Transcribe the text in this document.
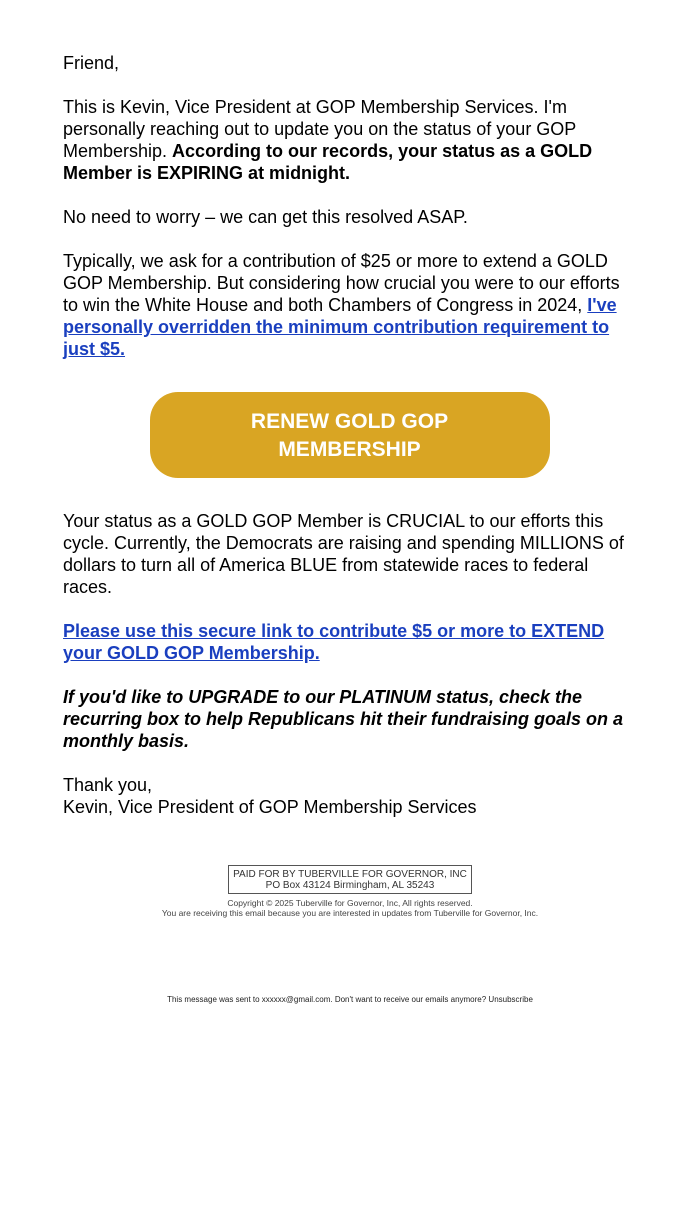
Friend,

This is Kevin, Vice President at GOP Membership Services. I'm personally reaching out to update you on the status of your GOP Membership. According to our records, your status as a GOLD Member is EXPIRING at midnight.

No need to worry – we can get this resolved ASAP.

Typically, we ask for a contribution of $25 or more to extend a GOLD GOP Membership. But considering how crucial you were to our efforts to win the White House and both Chambers of Congress in 2024, I've personally overridden the minimum contribution requirement to just $5.

RENEW GOLD GOP
MEMBERSHIP

Your status as a GOLD GOP Member is CRUCIAL to our efforts this cycle. Currently, the Democrats are raising and spending MILLIONS of dollars to turn all of America BLUE from statewide races to federal races.

Please use this secure link to contribute $5 or more to EXTEND your GOLD GOP Membership.

If you'd like to UPGRADE to our PLATINUM status, check the recurring box to help Republicans hit their fundraising goals on a monthly basis.

Thank you,

Kevin, Vice President of GOP Membership Services

PAID FOR BY TUBERVILLE FOR GOVERNOR, INC
PO Box 43124 Birmingham, AL 35243
Copyright © 2025 Tuberville for Governor, Inc, All rights reserved.
You are receiving this email because you are interested in updates from Tuberville for Governor, Inc.
This message was sent to xxxxxx@gmail.com. Don't want to receive our emails anymore? Unsubscribe
